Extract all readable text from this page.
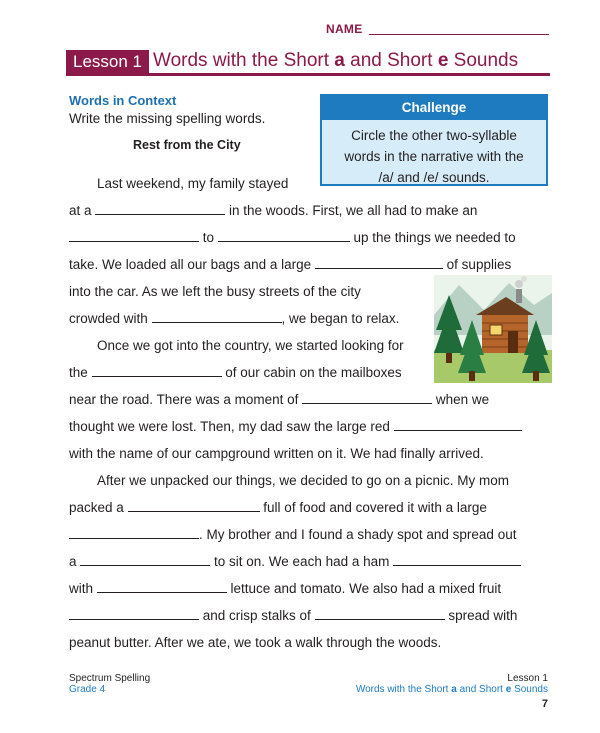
NAME
Lesson 1 Words with the Short a and Short e Sounds
Words in Context
Write the missing spelling words.
Rest from the City
Challenge
Circle the other two-syllable
words in the narrative with the
/a/ and /e/ sounds.
Last weekend, my family stayed
at a	in the woods. First, we all had to make an
to	up the things we needed to
take. We loaded all our bags and a large	of supplies
into the car. As we left the busy streets of the city
crowded with	, we began to relax.
Once we got into the country, we started looking for
the	of our cabin on the mailboxes
near the road. There was a moment of	when we
thought we were lost. Then, my dad saw the large red
with the name of our campground written on it. We had finally arrived.
After we unpacked our things, we decided to go on a picnic. My mom
packed a	full of food and covered it with a large
. My brother and I found a shady spot and spread out
a	to sit on. We each had a ham
with	lettuce and tomato. We also had a mixed fruit
and crisp stalks of	spread with
peanut butter. After we ate, we took a walk through the woods.
Spectrum Spelling
Grade 4
Lesson 1
Words with the Short a and Short e Sounds
7
